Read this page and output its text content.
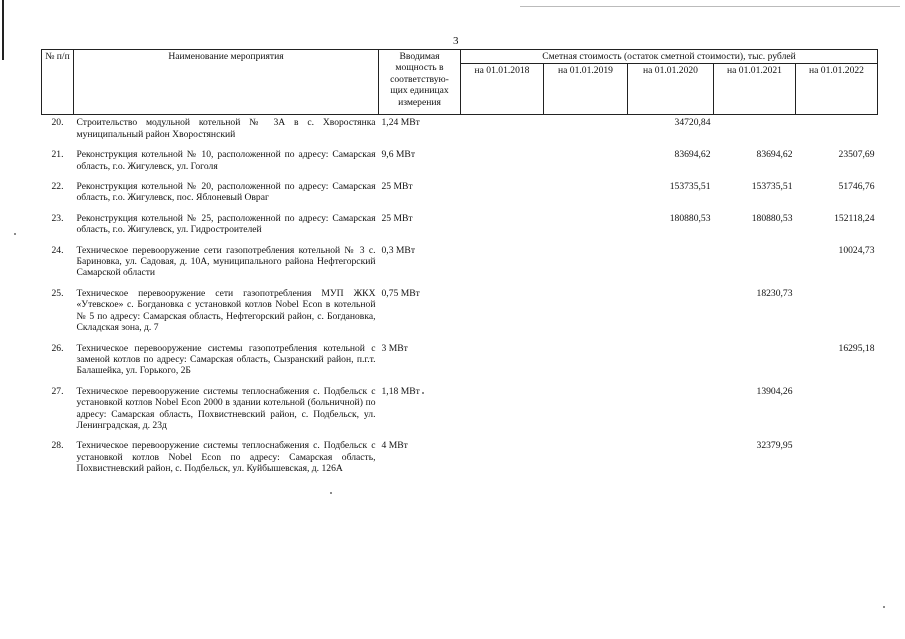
3
№ п/п	Наименование мероприятия	Вводимая мощность в соответствую-щих единицах измерения	Сметная стоимость (остаток сметной стоимости), тыс. рублей				
			на 01.01.2018	на 01.01.2019	на 01.01.2020	на 01.01.2021	на 01.01.2022
20.	Строительство модульной котельной № 3А в с. Хворостянка муниципальный район Хворостянский	1,24 МВт			34720,84		
21.	Реконструкция котельной № 10, расположенной по адресу: Самарская область, г.о. Жигулевск, ул. Гоголя	9,6 МВт			83694,62	83694,62	23507,69
22.	Реконструкция котельной № 20, расположенной по адресу: Самарская область, г.о. Жигулевск, пос. Яблоневый Овраг	25 МВт			153735,51	153735,51	51746,76
23.	Реконструкция котельной № 25, расположенной по адресу: Самарская область, г.о. Жигулевск, ул. Гидростроителей	25 МВт			180880,53	180880,53	152118,24
24.	Техническое перевооружение сети газопотребления котельной № 3 с. Бариновка, ул. Садовая, д. 10А, муниципального района Нефтегорский Самарской области	0,3 МВт					10024,73
25.	Техническое перевооружение сети газопотребления МУП ЖКХ «Утевское» с. Богдановка с установкой котлов Nobel Econ в котельной № 5 по адресу: Самарская область, Нефтегорский район, с. Богдановка, Складская зона, д. 7	0,75 МВт				18230,73	
26.	Техническое перевооружение системы газопотребления котельной с заменой котлов по адресу: Самарская область, Сызранский район, п.г.т. Балашейка, ул. Горького, 2Б	3 МВт					16295,18
27.	Техническое перевооружение системы теплоснабжения с. Подбельск с установкой котлов Nobel Econ 2000 в здании котельной (больничной) по адресу: Самарская область, Похвистневский район, с. Подбельск, ул. Ленинградская, д. 23д	1,18 МВт				13904,26	
28.	Техническое перевооружение системы теплоснабжения с. Подбельск с установкой котлов Nobel Econ по адресу: Самарская область, Похвистневский район, с. Подбельск, ул. Куйбышевская, д. 126А	4 МВт				32379,95	
